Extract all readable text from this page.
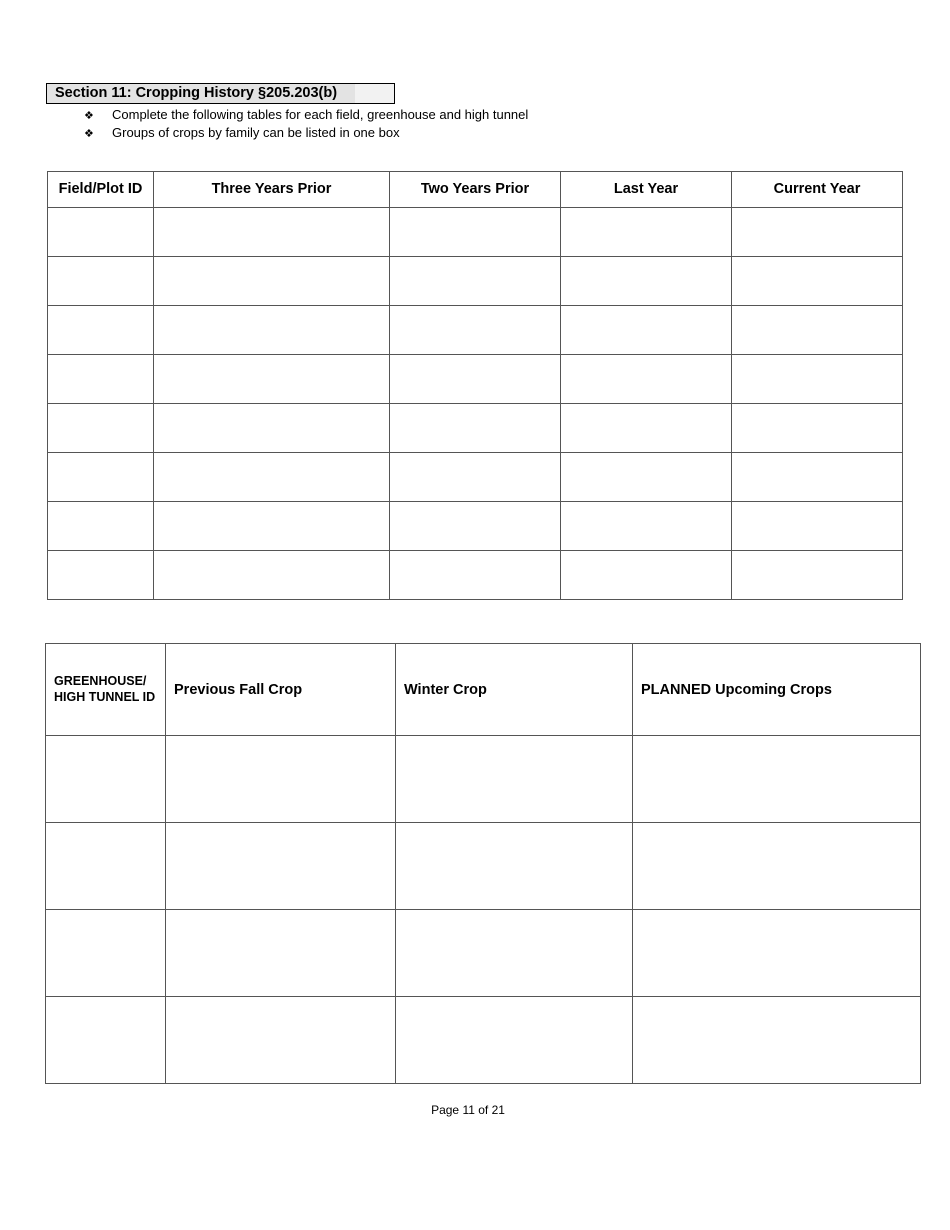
Section 11: Cropping History §205.203(b)
❖ Complete the following tables for each field, greenhouse and high tunnel
❖ Groups of crops by family can be listed in one box
Field/Plot ID	Three Years Prior	Two Years Prior	Last Year	Current Year

GREENHOUSE/ HIGH TUNNEL ID	Previous Fall Crop	Winter Crop	PLANNED Upcoming Crops

Page 11 of 21
